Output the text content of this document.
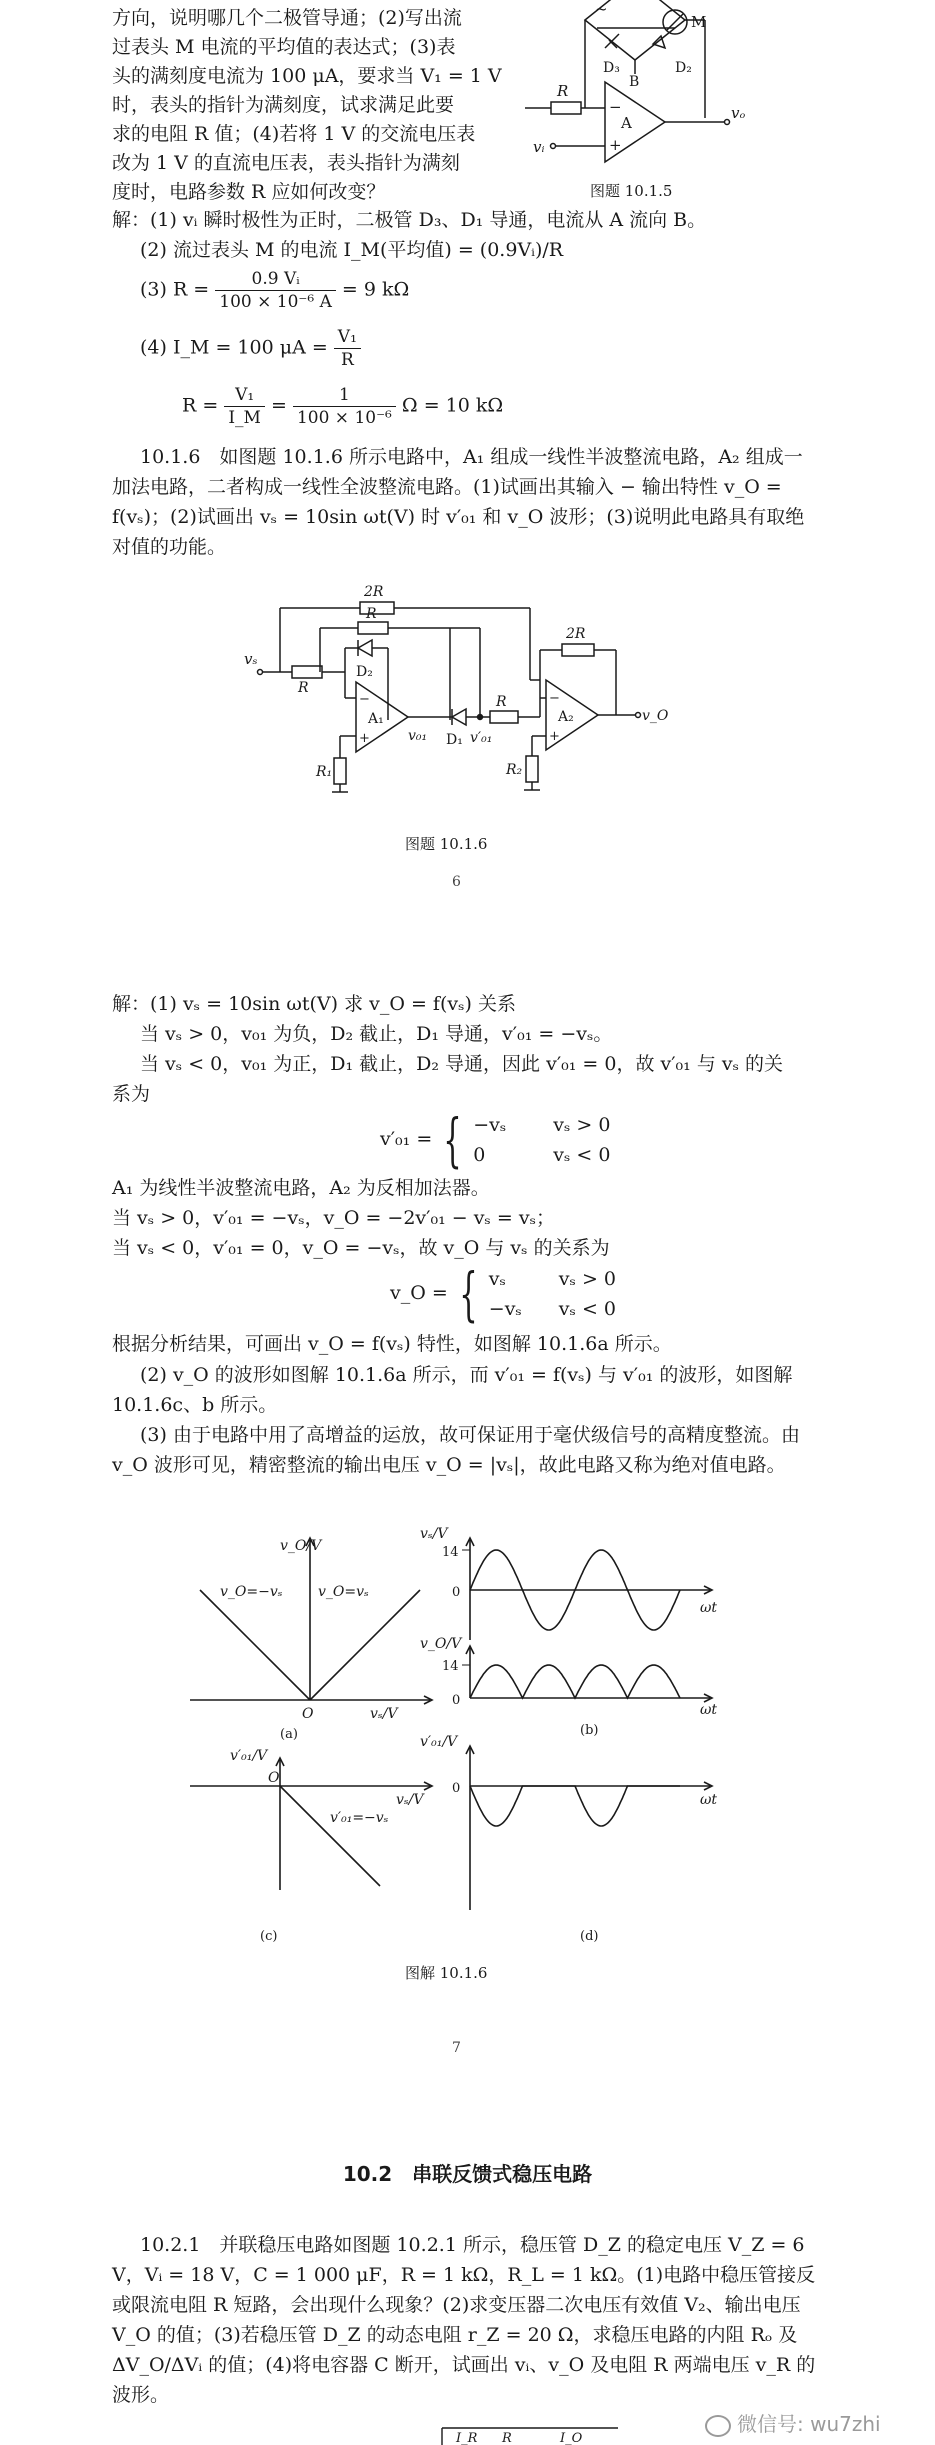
方向，说明哪几个二极管导通；(2)写出流
过表头 M 电流的平均值的表达式；(3)表
头的满刻度电流为 100 μA，要求当 V₁ = 1 V
时，表头的指针为满刻度，试求满足此要
求的电阻 R 值；(4)若将 1 V 的交流电压表
改为 1 V 的直流电压表，表头指针为满刻
度时，电路参数 R 应如何改变？
~
M
D₃	D₂
B
R
A
−
+
vₒ
vᵢ
图题 10.1.5
解：(1) vᵢ 瞬时极性为正时，二极管 D₃、D₁ 导通，电流从 A 流向 B。
(2) 流过表头 M 的电流 I_M(平均值) = (0.9Vᵢ)/R
(3) $R = \frac{\text{0.9 Vᵢ}}{\text{100 × 10⁻⁶ A}} = 9$ kΩ
(4) I_M = 100 $\mu A = \frac{\text{V₁}}{R}$
$R = \frac{\text{V₁}}{I\_M} = \frac{1}{\text{100 × 10⁻⁶}}$ Ω = 10 kΩ
10.1.6　如图题 10.1.6 所示电路中，A₁ 组成一线性半波整流电路，A₂ 组成一加法电路，二者构成一线性全波整流电路。(1)试画出其输入 − 输出特性 v_O = f(vₛ)；(2)试画出 vₛ = 10sin ωt(V) 时 v′₀₁ 和 v_O 波形；(3)说明此电路具有取绝对值的功能。
vₛ
2R
R
R
D₂
A₁
−
+
R₁
v₀₁ D₁ v′₀₁
R
A₂
−
+
2R
v_O
R₂
图题 10.1.6
6
解：(1) vₛ = 10sin ωt(V) 求 v_O = f(vₛ) 关系
当 vₛ > 0，v₀₁ 为负，D₂ 截止，D₁ 导通，v′₀₁ = −vₛ。
当 vₛ < 0，v₀₁ 为正，D₁ 截止，D₂ 导通，因此 v′₀₁ = 0，故 v′₀₁ 与 vₛ 的关
系为
v′₀₁ = { −vₛ vₛ > 0
0	vₛ < 0
A₁ 为线性半波整流电路，A₂ 为反相加法器。
当 vₛ > 0，v′₀₁ = −vₛ，v_O = −2v′₀₁ − vₛ = vₛ；
当 vₛ < 0，v′₀₁ = 0，v_O = −vₛ，故 v_O 与 vₛ 的关系为
v_O = { vₛ	vₛ > 0
−vₛ vₛ < 0
根据分析结果，可画出 v_O = f(vₛ) 特性，如图解 10.1.6a 所示。
(2) v_O 的波形如图解 10.1.6a 所示，而 v′₀₁ = f(vₛ) 与 v′₀₁ 的波形，如图解 10.1.6c、b 所示。
(3) 由于电路中用了高增益的运放，故可保证用于毫伏级信号的高精度整流。由 v_O 波形可见，精密整流的输出电压 v_O = |vₛ|，故此电路又称为绝对值电路。
v_O/V
v_O=−vₛ	v_O=vₛ
O	vₛ/V
(a)
vₛ/V
14
0
ωt
v_O/V
14
0
ωt
(b)
v′₀₁/V
O
vₛ/V
v′₀₁=−vₛ
(c)
v′₀₁/V
0
ωt
(d)
图解 10.1.6
7
10.2　串联反馈式稳压电路
10.2.1　并联稳压电路如图题 10.2.1 所示，稳压管 D_Z 的稳定电压 V_Z = 6 V，Vᵢ = 18 V，C = 1 000 μF，R = 1 kΩ，R_L = 1 kΩ。(1)电路中稳压管接反或限流电阻 R 短路，会出现什么现象？(2)求变压器二次电压有效值 V₂、输出电压 V_O 的值；(3)若稳压管 D_Z 的动态电阻 r_Z = 20 Ω，求稳压电路的内阻 Rₒ 及 ΔV_O/ΔVᵢ 的值；(4)将电容器 C 断开，试画出 vᵢ、v_O 及电阻 R 两端电压 v_R 的波形。
I_R R	I_O
微信号: wu7zhi
